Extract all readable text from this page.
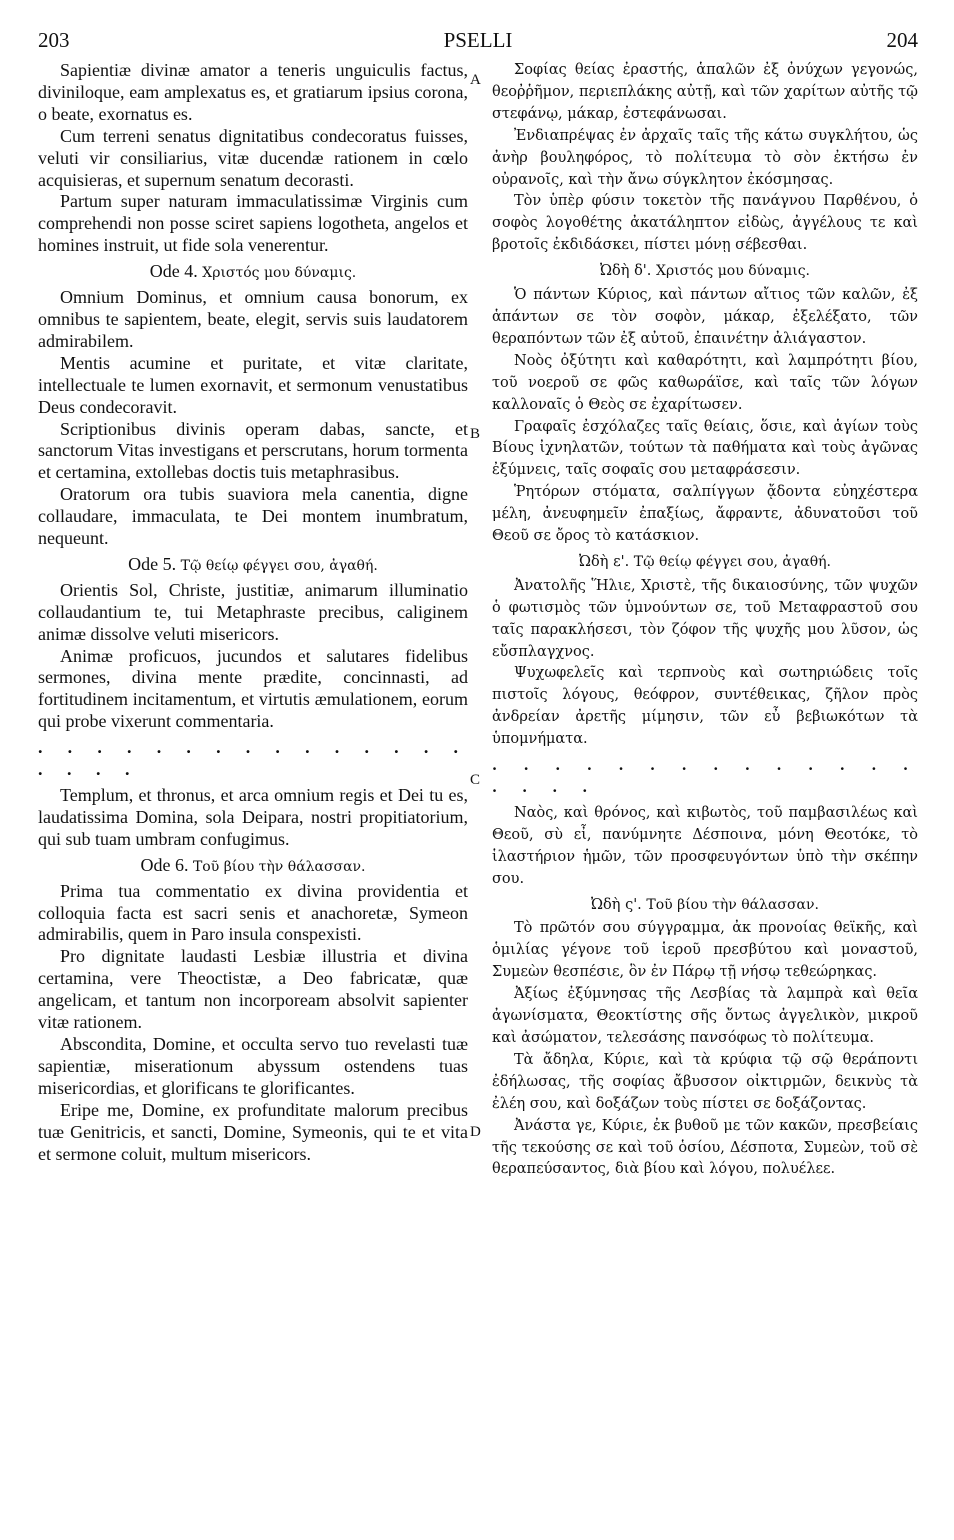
203	PSELLI	204
A
B
C
D

Sapientiæ divinæ amator a teneris unguiculis factus, diviniloque, eam amplexatus es, et gratiarum ipsius corona, o beate, exornatus es.

Cum terreni senatus dignitatibus condecoratus fuisses, veluti vir consiliarius, vitæ ducendæ rationem in cœlo acquisieras, et supernum senatum decorasti.

Partum super naturam immaculatissimæ Virginis cum comprehendi non posse sciret sapiens logotheta, angelos et homines instruit, ut fide sola venerentur.

Ode 4. Χριστός μου δύναμις.

Omnium Dominus, et omnium causa bonorum, ex omnibus te sapientem, beate, elegit, servis suis laudatorem admirabilem.

Mentis acumine et puritate, et vitæ claritate, intellectuale te lumen exornavit, et sermonum venustatibus Deus condecoravit.

Scriptionibus divinis operam dabas, sancte, et sanctorum Vitas investigans et perscrutans, horum tormenta et certamina, extollebas doctis tuis metaphrasibus.

Oratorum ora tubis suaviora mela canentia, digne collaudare, immaculata, te Dei montem inumbratum, nequeunt.

Ode 5. Τῷ θείῳ φέγγει σου, ἀγαθή.

Orientis Sol, Christe, justitiæ, animarum illuminatio collaudantium te, tui Metaphraste precibus, caliginem animæ dissolve veluti misericors.

Animæ proficuos, jucundos et salutares fidelibus sermones, divina mente prædite, concinnasti, ad fortitudinem incitamentum, et virtutis æmulationem, eorum qui probe vixerunt commentaria.

. . . . . . . . . . . . . . . . . . .

Templum, et thronus, et arca omnium regis et Dei tu es, laudatissima Domina, sola Deipara, nostri propitiatorium, qui sub tuam umbram confugimus.

Ode 6. Τοῦ βίου τὴν θάλασσαν.

Prima tua commentatio ex divina providentia et colloquia facta est sacri senis et anachoretæ, Symeon admirabilis, quem in Paro insula conspexisti.

Pro dignitate laudasti Lesbiæ illustria et divina certamina, vere Theoctistæ, a Deo fabricatæ, quæ angelicam, et tantum non incorpoream absolvit sapienter vitæ rationem.

Abscondita, Domine, et occulta servo tuo revelasti tuæ sapientiæ, miserationum abyssum ostendens tuas misericordias, et glorificans te glorificantes.

Eripe me, Domine, ex profunditate malorum precibus tuæ Genitricis, et sancti, Domine, Symeonis, qui te et vita et sermone coluit, multum misericors.

Σοφίας θείας ἐραστής, ἁπαλῶν ἐξ ὀνύχων γεγονώς, θεοῤῥῆμον, περιεπλάκης αὐτῇ, καὶ τῶν χαρίτων αὐτῆς τῷ στεφάνῳ, μάκαρ, ἐστεφάνωσαι.

Ἐνδιαπρέψας ἐν ἀρχαῖς ταῖς τῆς κάτω συγκλήτου, ὡς ἀνὴρ βουληφόρος, τὸ πολίτευμα τὸ σὸν ἐκτήσω ἐν οὐρανοῖς, καὶ τὴν ἄνω σύγκλητον ἐκόσμησας.

Τὸν ὑπὲρ φύσιν τοκετὸν τῆς πανάγνου Παρθένου, ὁ σοφὸς λογοθέτης ἀκατάληπτον εἰδὼς, ἀγγέλους τε καὶ βροτοῖς ἐκδιδάσκει, πίστει μόνῃ σέβεσθαι.

Ὠδὴ δ'. Χριστός μου δύναμις.

Ὁ πάντων Κύριος, καὶ πάντων αἴτιος τῶν καλῶν, ἐξ ἁπάντων σε τὸν σοφὸν, μάκαρ, ἐξελέξατο, τῶν θεραπόντων τῶν ἐξ αὐτοῦ, ἐπαινέτην ἀλιάγαστον.

Νοὸς ὀξύτητι καὶ καθαρότητι, καὶ λαμπρότητι βίου, τοῦ νοεροῦ σε φῶς καθωράϊσε, καὶ ταῖς τῶν λόγων καλλοναῖς ὁ Θεὸς σε ἐχαρίτωσεν.

Γραφαῖς ἐσχόλαζες ταῖς θείαις, ὅσιε, καὶ ἁγίων τοὺς Βίους ἰχνηλατῶν, τούτων τὰ παθήματα καὶ τοὺς ἀγῶνας ἐξύμνεις, ταῖς σοφαῖς σου μεταφράσεσιν.

Ῥητόρων στόματα, σαλπίγγων ᾄδοντα εὐηχέστερα μέλη, ἀνευφημεῖν ἐπαξίως, ἄφραντε, ἀδυνατοῦσι τοῦ Θεοῦ σε ὄρος τὸ κατάσκιον.

Ὠδὴ ε'. Τῷ θείῳ φέγγει σου, ἀγαθή.

Ἀνατολῆς Ἥλιε, Χριστὲ, τῆς δικαιοσύνης, τῶν ψυχῶν ὁ φωτισμὸς τῶν ὑμνούντων σε, τοῦ Μεταφραστοῦ σου ταῖς παρακλήσεσι, τὸν ζόφον τῆς ψυχῆς μου λῦσον, ὡς εὔσπλαγχνος.

Ψυχωφελεῖς καὶ τερπνοὺς καὶ σωτηριώδεις τοῖς πιστοῖς λόγους, θεόφρον, συντέθεικας, ζῆλον πρὸς ἀνδρείαν ἀρετῆς μίμησιν, τῶν εὖ βεβιωκότων τὰ ὑπομνήματα.

. . . . . . . . . . . . . . . . . .

Ναὸς, καὶ θρόνος, καὶ κιβωτὸς, τοῦ παμβασιλέως καὶ Θεοῦ, σὺ εἶ, πανύμνητε Δέσποινα, μόνη Θεοτόκε, τὸ ἱλαστήριον ἡμῶν, τῶν προσφευγόντων ὑπὸ τὴν σκέπην σου.

Ὠδὴ ς'. Τοῦ βίου τὴν θάλασσαν.

Τὸ πρῶτόν σου σύγγραμμα, ἀκ προνοίας θεϊκῆς, καὶ ὁμιλίας γέγονε τοῦ ἱεροῦ πρεσβύτου καὶ μοναστοῦ, Συμεὼν θεσπέσιε, ὃν ἐν Πάρῳ τῇ νήσῳ τεθεώρηκας.

Ἀξίως ἐξύμνησας τῆς Λεσβίας τὰ λαμπρὰ καὶ θεῖα ἀγωνίσματα, Θεοκτίστης σῆς ὄντως ἀγγελικὸν, μικροῦ καὶ ἀσώματον, τελεσάσης πανσόφως τὸ πολίτευμα.

Τὰ ἄδηλα, Κύριε, καὶ τὰ κρύφια τῷ σῷ θεράποντι ἐδήλωσας, τῆς σοφίας ἄβυσσον οἰκτιρμῶν, δεικνὺς τὰ ἐλέη σου, καὶ δοξάζων τοὺς πίστει σε δοξάζοντας.

Ἀνάστα γε, Κύριε, ἐκ βυθοῦ με τῶν κακῶν, πρεσβείαις τῆς τεκούσης σε καὶ τοῦ ὁσίου, Δέσποτα, Συμεὼν, τοῦ σὲ θεραπεύσαντος, διὰ βίου καὶ λόγου, πολυέλεε.
